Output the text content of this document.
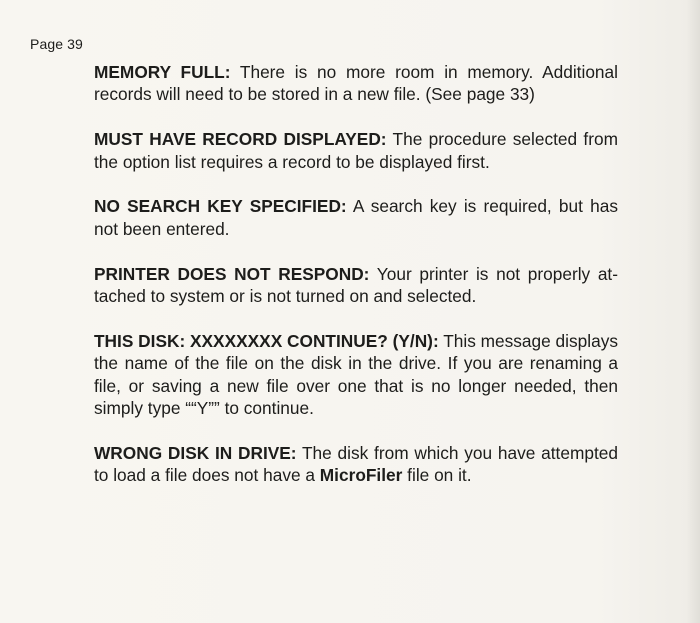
Page 39

MEMORY FULL: There is no more room in memory. Additional records will need to be stored in a new file. (See page 33)

MUST HAVE RECORD DISPLAYED: The procedure selected from the option list requires a record to be displayed first.

NO SEARCH KEY SPECIFIED: A search key is required, but has not been entered.

PRINTER DOES NOT RESPOND: Your printer is not properly attached to system or is not turned on and selected.

THIS DISK: XXXXXXXX CONTINUE? (Y/N): This message displays the name of the file on the disk in the drive. If you are renaming a file, or saving a new file over one that is no longer needed, then simply type ““Y”” to continue.

WRONG DISK IN DRIVE: The disk from which you have attempted to load a file does not have a MicroFiler file on it.
